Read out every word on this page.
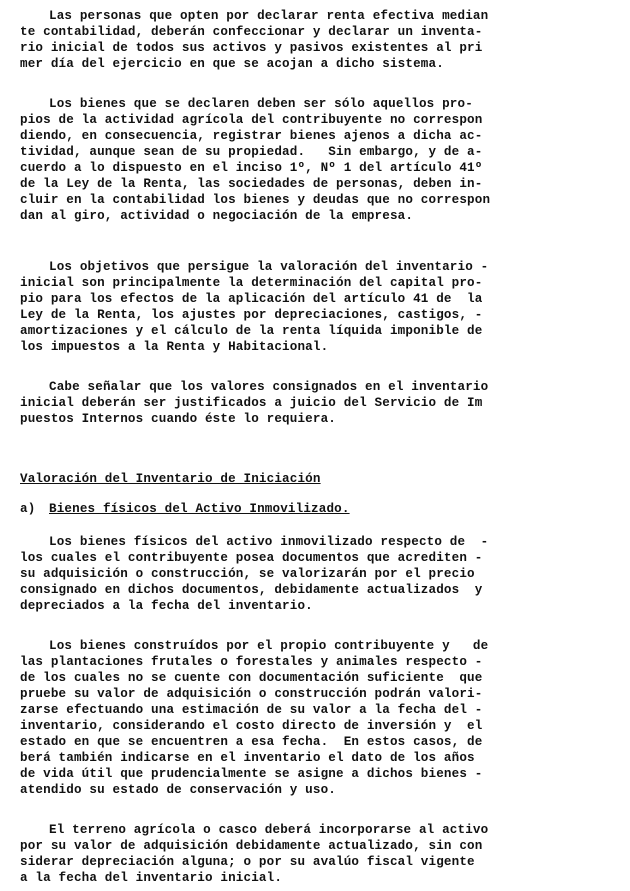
Las personas que opten por declarar renta efectiva median
te contabilidad, deberán confeccionar y declarar un inventa-
rio inicial de todos sus activos y pasivos existentes al pri
mer día del ejercicio en que se acojan a dicho sistema.
Los bienes que se declaren deben ser sólo aquellos pro-
pios de la actividad agrícola del contribuyente no correspon
diendo, en consecuencia, registrar bienes ajenos a dicha ac-
tividad, aunque sean de su propiedad.   Sin embargo, y de a-
cuerdo a lo dispuesto en el inciso 1º, Nº 1 del artículo 41º
de la Ley de la Renta, las sociedades de personas, deben in-
cluir en la contabilidad los bienes y deudas que no correspon
dan al giro, actividad o negociación de la empresa.
Los objetivos que persigue la valoración del inventario -
inicial son principalmente la determinación del capital pro-
pio para los efectos de la aplicación del artículo 41 de  la
Ley de la Renta, los ajustes por depreciaciones, castigos, -
amortizaciones y el cálculo de la renta líquida imponible de
los impuestos a la Renta y Habitacional.
Cabe señalar que los valores consignados en el inventario
inicial deberán ser justificados a juicio del Servicio de Im
puestos Internos cuando éste lo requiera.
Valoración del Inventario de Iniciación
a) Bienes físicos del Activo Inmovilizado.
Los bienes físicos del activo inmovilizado respecto de  -
los cuales el contribuyente posea documentos que acrediten -
su adquisición o construcción, se valorizarán por el precio
consignado en dichos documentos, debidamente actualizados  y
depreciados a la fecha del inventario.
Los bienes construídos por el propio contribuyente y   de
las plantaciones frutales o forestales y animales respecto -
de los cuales no se cuente con documentación suficiente  que
pruebe su valor de adquisición o construcción podrán valori-
zarse efectuando una estimación de su valor a la fecha del -
inventario, considerando el costo directo de inversión y  el
estado en que se encuentren a esa fecha.  En estos casos, de
berá también indicarse en el inventario el dato de los años
de vida útil que prudencialmente se asigne a dichos bienes -
atendido su estado de conservación y uso.
El terreno agrícola o casco deberá incorporarse al activo
por su valor de adquisición debidamente actualizado, sin con
siderar depreciación alguna; o por su avalúo fiscal vigente
a la fecha del inventario inicial.
